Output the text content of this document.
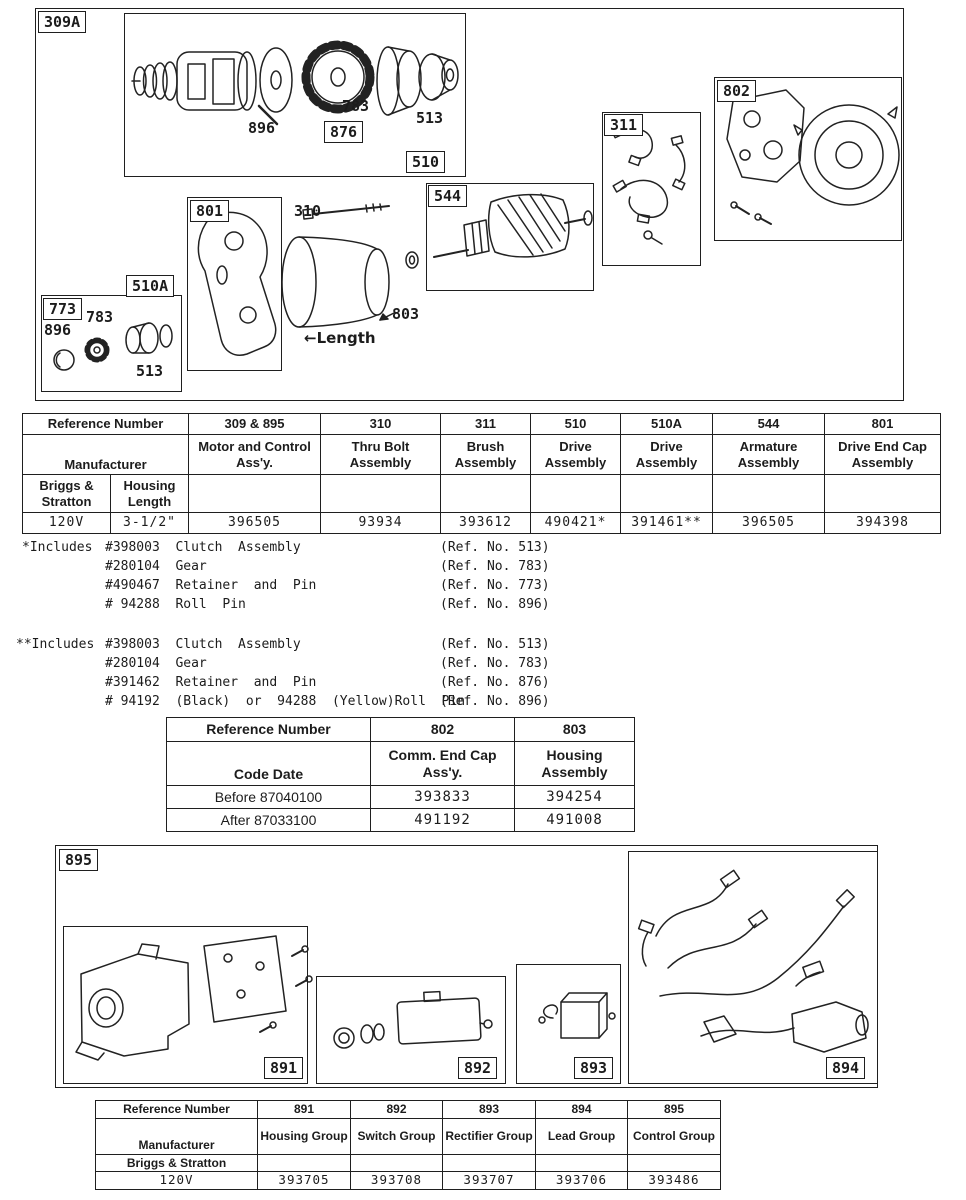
309A
896
783
876
513
510
801	310
544
311
802
510A
773
896
783
513
803
←Length
Reference Number		309 & 895	310	311	510	510A	544	801
Manufacturer		Motor and Control Ass'y.	Thru Bolt Assembly	Brush Assembly	Drive Assembly	Drive Assembly	Armature Assembly	Drive End Cap Assembly
Briggs & Stratton	Housing Length							
120V	3-1/2"	396505	93934	393612	490421*	391461**	396505	394398
*Includes #398003  Clutch  Assembly	(Ref. No. 513)
#280104  Gear	(Ref. No. 783)
#490467  Retainer  and  Pin	(Ref. No. 773)
# 94288  Roll  Pin	(Ref. No. 896)
**Includes #398003  Clutch  Assembly	(Ref. No. 513)
#280104  Gear	(Ref. No. 783)
#391462  Retainer  and  Pin	(Ref. No. 876)
# 94192  (Black)  or  94288  (Yellow)Roll  Pin(Ref. No. 896)
Reference Number	802	803
Code Date	Comm. End Cap Ass'y.	Housing Assembly
Before 87040100	393833	394254
After 87033100	491192	491008
895
891	892	893	894
Reference Number	891	892	893	894	895
Manufacturer	Housing Group	Switch Group	Rectifier Group	Lead Group	Control Group
Briggs & Stratton					
120V	393705	393708	393707	393706	393486
